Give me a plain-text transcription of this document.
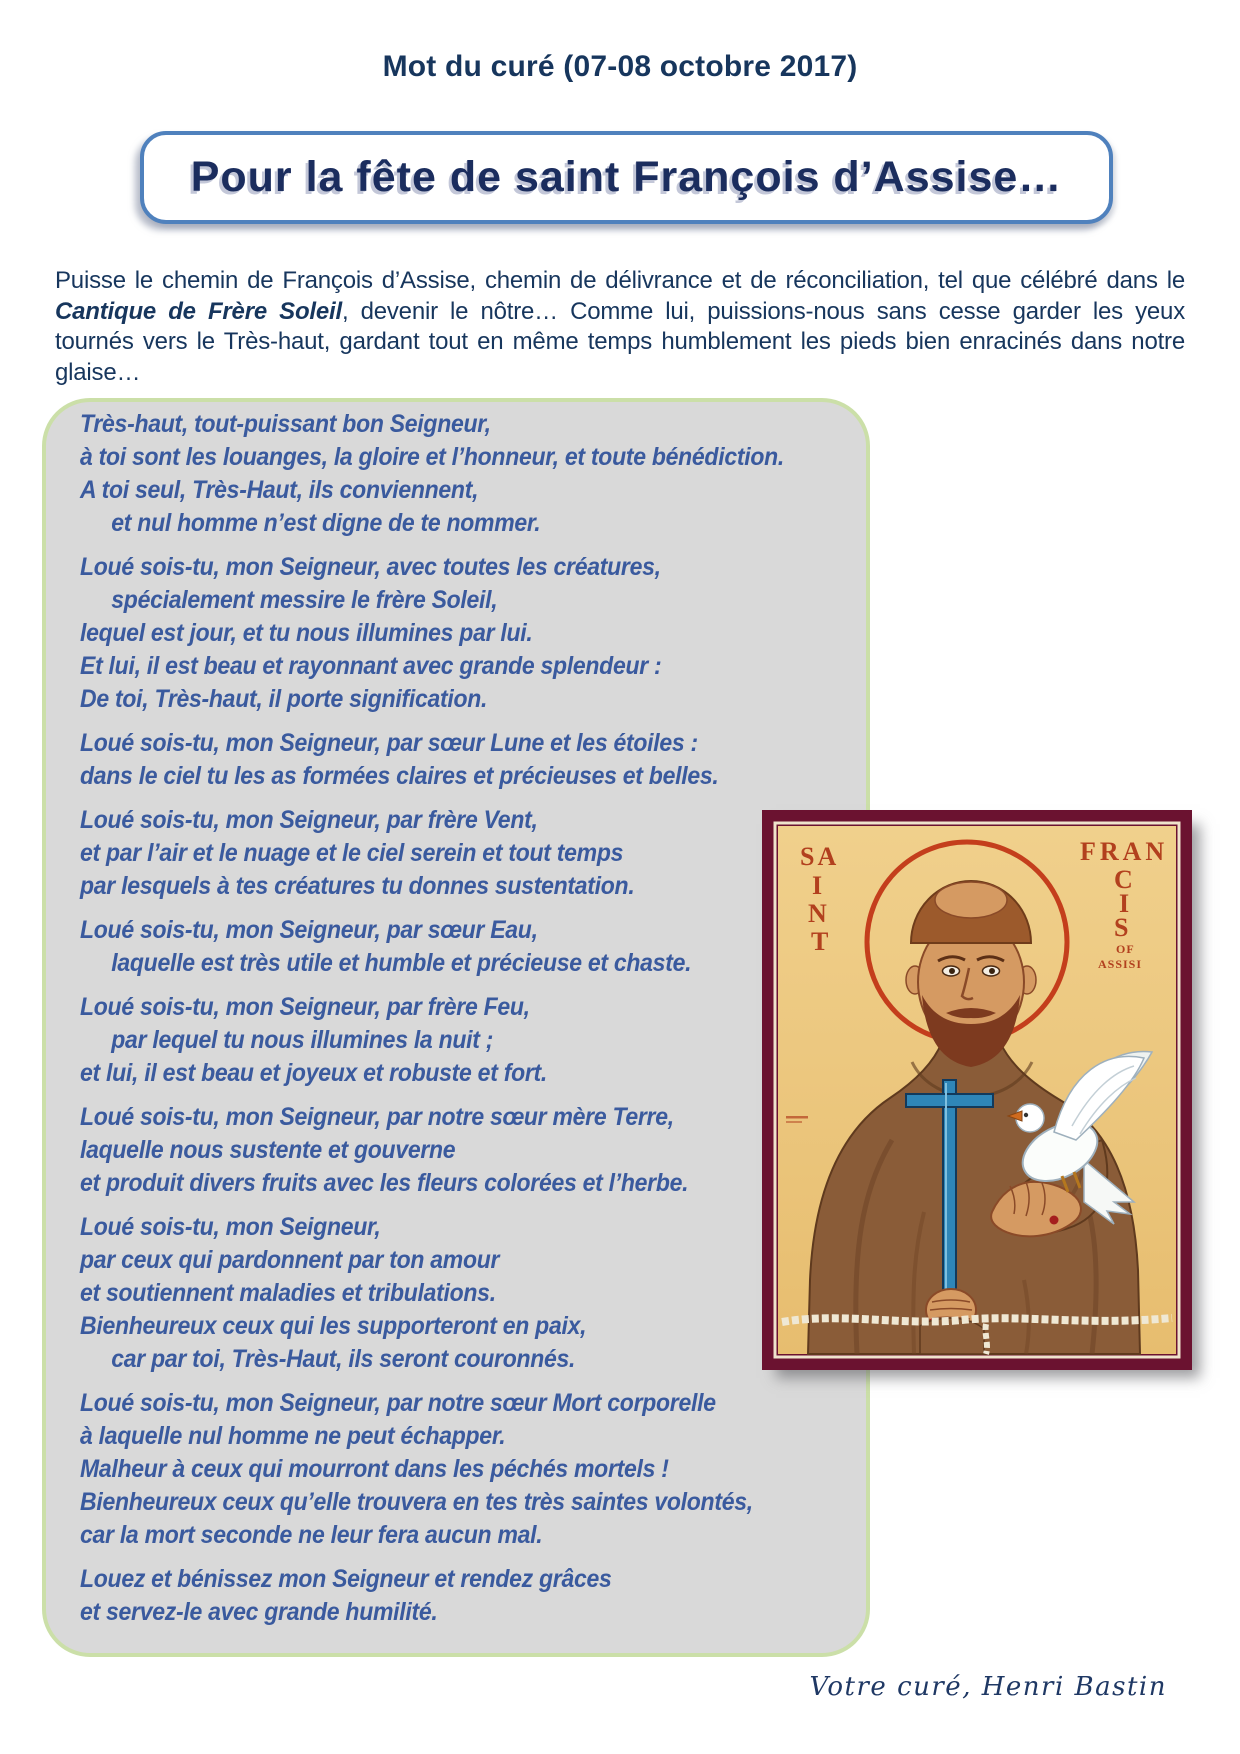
Mot du curé (07-08 octobre 2017)
Pour la fête de saint François d’Assise…

Puisse le chemin de François d’Assise, chemin de délivrance et de réconciliation, tel que célébré dans le Cantique de Frère Soleil, devenir le nôtre… Comme lui, puissions-nous sans cesse garder les yeux tournés vers le Très-haut, gardant tout en même temps humblement les pieds bien enracinés dans notre glaise…

Très-haut, tout-puissant bon Seigneur,
à toi sont les louanges, la gloire et l’honneur, et toute bénédiction.
A toi seul, Très-Haut, ils conviennent,
et nul homme n’est digne de te nommer.
Loué sois-tu, mon Seigneur, avec toutes les créatures,
spécialement messire le frère Soleil,
lequel est jour, et tu nous illumines par lui.
Et lui, il est beau et rayonnant avec grande splendeur :
De toi, Très-haut, il porte signification.
Loué sois-tu, mon Seigneur, par sœur Lune et les étoiles :
dans le ciel tu les as formées claires et précieuses et belles.
Loué sois-tu, mon Seigneur, par frère Vent,
et par l’air et le nuage et le ciel serein et tout temps
par lesquels à tes créatures tu donnes sustentation.
Loué sois-tu, mon Seigneur, par sœur Eau,
laquelle est très utile et humble et précieuse et chaste.
Loué sois-tu, mon Seigneur, par frère Feu,
par lequel tu nous illumines la nuit ;
et lui, il est beau et joyeux et robuste et fort.
Loué sois-tu, mon Seigneur, par notre sœur mère Terre,
laquelle nous sustente et gouverne
et produit divers fruits avec les fleurs colorées et l’herbe.
Loué sois-tu, mon Seigneur,
par ceux qui pardonnent par ton amour
et soutiennent maladies et tribulations.
Bienheureux ceux qui les supporteront en paix,
car par toi, Très-Haut, ils seront couronnés.
Loué sois-tu, mon Seigneur, par notre sœur Mort corporelle
à laquelle nul homme ne peut échapper.
Malheur à ceux qui mourront dans les péchés mortels !
Bienheureux ceux qu’elle trouvera en tes très saintes volontés,
car la mort seconde ne leur fera aucun mal.
Louez et bénissez mon Seigneur et rendez grâces
et servez-le avec grande humilité.
SA
I
N
T
FRAN
C
I
S
OF
ASSISI
Votre curé, Henri Bastin
